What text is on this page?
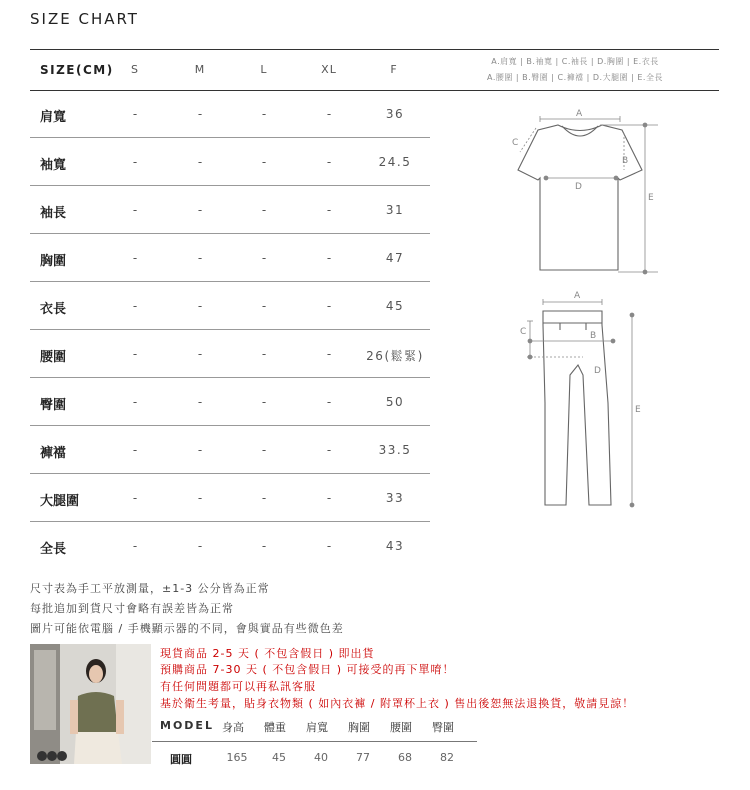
SIZE CHART
SIZE(CM)	S	M	L	XL	F
A.肩寬 | B.袖寬 | C.袖長 | D.胸圍 | E.衣長
A.腰圍 | B.臀圍 | C.褲襠 | D.大腿圍 | E.全長
肩寬	-	-	-	-	36
袖寬	-	-	-	-	24.5
袖長	-	-	-	-	31
胸圍	-	-	-	-	47
衣長	-	-	-	-	45
腰圍	-	-	-	-	26(鬆緊)
臀圍	-	-	-	-	50
褲襠	-	-	-	-	33.5
大腿圍	-	-	-	-	33
全長	-	-	-	-	43
A
B
C
D
E
A
B
C
D
E
尺寸表為手工平放測量，±1-3 公分皆為正常
每批追加到貨尺寸會略有誤差皆為正常
圖片可能依電腦 / 手機顯示器的不同，會與實品有些微色差
現貨商品 2-5 天 ( 不包含假日 ) 即出貨
預購商品 7-30 天 ( 不包含假日 ) 可接受的再下單唷！
有任何問題都可以再私訊客服
基於衛生考量，貼身衣物類 ( 如內衣褲 / 附罩杯上衣 ) 售出後恕無法退換貨，敬請見諒！
MODEL 身高 體重 肩寬 胸圍 腰圍 臀圍
圓圓	165	45	40	77	68	82
